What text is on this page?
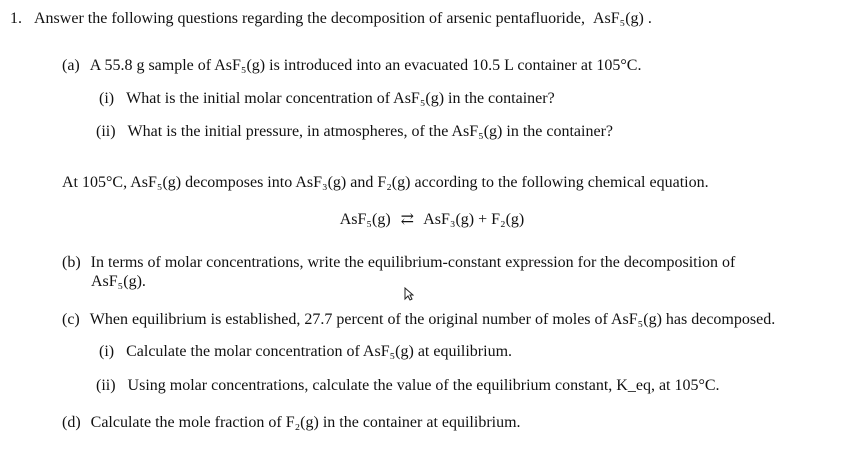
1. Answer the following questions regarding the decomposition of arsenic pentafluoride, AsF₅(g) .
(a) A 55.8 g sample of AsF₅(g) is introduced into an evacuated 10.5 L container at 105°C.
(i) What is the initial molar concentration of AsF₅(g) in the container?
(ii) What is the initial pressure, in atmospheres, of the AsF₅(g) in the container?
At 105°C, AsF₅(g) decomposes into AsF₃(g) and F₂(g) according to the following chemical equation.
AsF₅(g) ⇄ AsF₃(g) + F₂(g)
(b) In terms of molar concentrations, write the equilibrium-constant expression for the decomposition of
AsF₅(g).
(c) When equilibrium is established, 27.7 percent of the original number of moles of AsF₅(g) has decomposed.
(i) Calculate the molar concentration of AsF₅(g) at equilibrium.
(ii) Using molar concentrations, calculate the value of the equilibrium constant, K_eq, at 105°C.
(d) Calculate the mole fraction of F₂(g) in the container at equilibrium.
